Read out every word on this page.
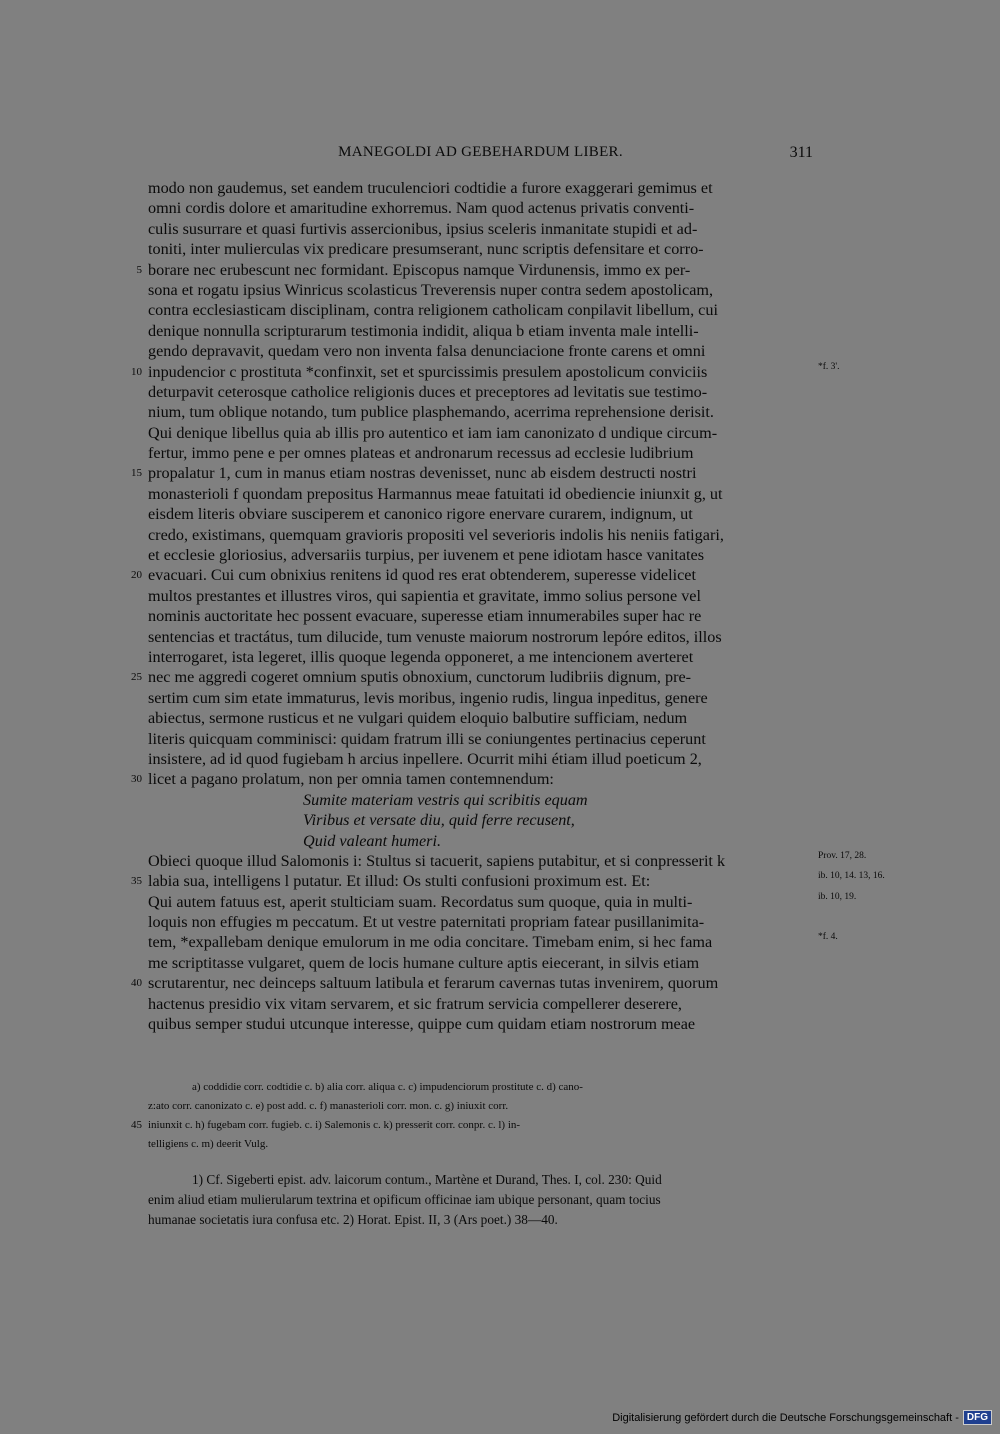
MANEGOLDI AD GEBEHARDUM LIBER.	311
modo non gaudemus, set eandem truculenciori codtidie a furore exaggerari gemimus et
omni cordis dolore et amaritudine exhorremus. Nam quod actenus privatis conventi-
culis susurrare et quasi furtivis assercionibus, ipsius sceleris inmanitate stupidi et ad-
toniti, inter mulierculas vix predicare presumserant, nunc scriptis defensitare et corro-
5 borare nec erubescunt nec formidant. Episcopus namque Virdunensis, immo ex per-
sona et rogatu ipsius Winricus scolasticus Treverensis nuper contra sedem apostolicam,
contra ecclesiasticam disciplinam, contra religionem catholicam conpilavit libellum, cui
denique nonnulla scripturarum testimonia indidit, aliqua b etiam inventa male intelli-
gendo depravavit, quedam vero non inventa falsa denunciacione fronte carens et omni
10 inpudencior c prostituta *confinxit, set et spurcissimis presulem apostolicum conviciis	*f. 3'.
deturpavit ceterosque catholice religionis duces et preceptores ad levitatis sue testimo-
nium, tum oblique notando, tum publice plasphemando, acerrima reprehensione derisit.
Qui denique libellus quia ab illis pro autentico et iam iam canonizato d undique circum-
fertur, immo pene e per omnes plateas et andronarum recessus ad ecclesie ludibrium
15 propalatur 1, cum in manus etiam nostras devenisset, nunc ab eisdem destructi nostri
monasterioli f quondam prepositus Harmannus meae fatuitati id obediencie iniunxit g, ut
eisdem literis obviare susciperem et canonico rigore enervare curarem, indignum, ut
credo, existimans, quemquam gravioris propositi vel severioris indolis his neniis fatigari,
et ecclesie gloriosius, adversariis turpius, per iuvenem et pene idiotam hasce vanitates
20 evacuari. Cui cum obnixius renitens id quod res erat obtenderem, superesse videlicet
multos prestantes et illustres viros, qui sapientia et gravitate, immo solius persone vel
nominis auctoritate hec possent evacuare, superesse etiam innumerabiles super hac re
sentencias et tractátus, tum dilucide, tum venuste maiorum nostrorum lepóre editos, illos
interrogaret, ista legeret, illis quoque legenda opponeret, a me intencionem averteret
25 nec me aggredi cogeret omnium sputis obnoxium, cunctorum ludibriis dignum, pre-
sertim cum sim etate immaturus, levis moribus, ingenio rudis, lingua inpeditus, genere
abiectus, sermone rusticus et ne vulgari quidem eloquio balbutire sufficiam, nedum
literis quicquam comminisci: quidam fratrum illi se coniungentes pertinacius ceperunt
insistere, ad id quod fugiebam h arcius inpellere. Ocurrit mihi étiam illud poeticum 2,
30 licet a pagano prolatum, non per omnia tamen contemnendum:
Sumite materiam vestris qui scribitis equam
Viribus et versate diu, quid ferre recusent,
Quid valeant humeri.
Obieci quoque illud Salomonis i: Stultus si tacuerit, sapiens putabitur, et si conpresserit k	Prov. 17, 28.
35 labia sua, intelligens l putatur. Et illud: Os stulti confusioni proximum est. Et:	ib. 10, 14. 13, 16.
Qui autem fatuus est, aperit stulticiam suam. Recordatus sum quoque, quia in multi-	ib. 10, 19.
loquis non effugies m peccatum. Et ut vestre paternitati propriam fatear pusillanimita-
tem, *expallebam denique emulorum in me odia concitare. Timebam enim, si hec fama	*f. 4.
me scriptitasse vulgaret, quem de locis humane culture aptis eiecerant, in silvis etiam
40 scrutarentur, nec deinceps saltuum latibula et ferarum cavernas tutas invenirem, quorum
hactenus presidio vix vitam servarem, et sic fratrum servicia compellerer deserere,
quibus semper studui utcunque interesse, quippe cum quidam etiam nostrorum meae
a) coddidie corr. codtidie c. b) alia corr. aliqua c. c) impudenciorum prostitute c. d) cano-
z:ato corr. canonizato c. e) post add. c. f) manasterioli corr. mon. c. g) iniuxit corr.
45 iniunxit c. h) fugebam corr. fugieb. c. i) Salemonis c. k) presserit corr. conpr. c. l) in-
telligiens c. m) deerit Vulg.
1) Cf. Sigeberti epist. adv. laicorum contum., Martène et Durand, Thes. I, col. 230: Quid
enim aliud etiam mulierularum textrina et opificum officinae iam ubique personant, quam tocius
humanae societatis iura confusa etc. 2) Horat. Epist. II, 3 (Ars poet.) 38—40.
Digitalisierung gefördert durch die Deutsche Forschungsgemeinschaft - DFG
